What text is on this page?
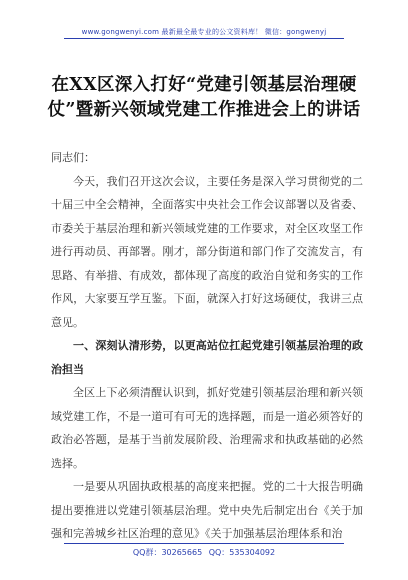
www.gongwenyi.com 最新最全最专业的公文资料库！ 微信：gongwenyj
在XX区深入打好“党建引领基层治理硬仗”暨新兴领域党建工作推进会上的讲话

同志们：

今天，我们召开这次会议，主要任务是深入学习贯彻党的二十届三中全会精神，全面落实中央社会工作会议部署以及省委、市委关于基层治理和新兴领域党建的工作要求，对全区攻坚工作进行再动员、再部署。刚才，部分街道和部门作了交流发言，有思路、有举措、有成效，都体现了高度的政治自觉和务实的工作作风，大家要互学互鉴。下面，就深入打好这场硬仗，我讲三点意见。

一、深刻认清形势，以更高站位扛起党建引领基层治理的政治担当

全区上下必须清醒认识到，抓好党建引领基层治理和新兴领域党建工作，不是一道可有可无的选择题，而是一道必须答好的政治必答题，是基于当前发展阶段、治理需求和执政基础的必然选择。

一是要从巩固执政根基的高度来把握。党的二十大报告明确提出要推进以党建引领基层治理。党中央先后制定出台《关于加强和完善城乡社区治理的意见》《关于加强基层治理体系和治

QQ群：30265665 QQ：535304092
